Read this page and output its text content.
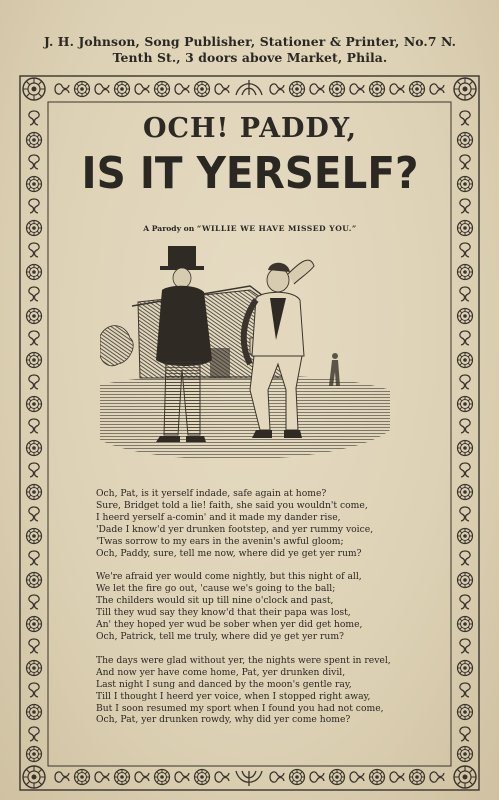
J. H. Johnson, Song Publisher, Stationer & Printer, No.7 N.
Tenth St., 3 doors above Market, Phila.
OCH! PADDY,
IS IT YERSELF?
A Parody on “WILLIE WE HAVE MISSED YOU.”
Och, Pat, is it yerself indade, safe again at home?
Sure, Bridget told a lie! faith, she said you wouldn't come,
I heerd yerself a-comin' and it made my dander rise,
'Dade I know'd yer drunken footstep, and yer rummy voice,
'Twas sorrow to my ears in the avenin's awful gloom;
Och, Paddy, sure, tell me now, where did ye get yer rum?
We're afraid yer would come nightly, but this night of all,
We let the fire go out, 'cause we's going to the ball;
The childers would sit up till nine o'clock and past,
Till they wud say they know'd that their papa was lost,
An' they hoped yer wud be sober when yer did get home,
Och, Patrick, tell me truly, where did ye get yer rum?
The days were glad without yer, the nights were spent in revel,
And now yer have come home, Pat, yer drunken divil,
Last night I sung and danced by the moon's gentle ray,
Till I thought I heerd yer voice, when I stopped right away,
But I soon resumed my sport when I found you had not come,
Och, Pat, yer drunken rowdy, why did yer come home?
